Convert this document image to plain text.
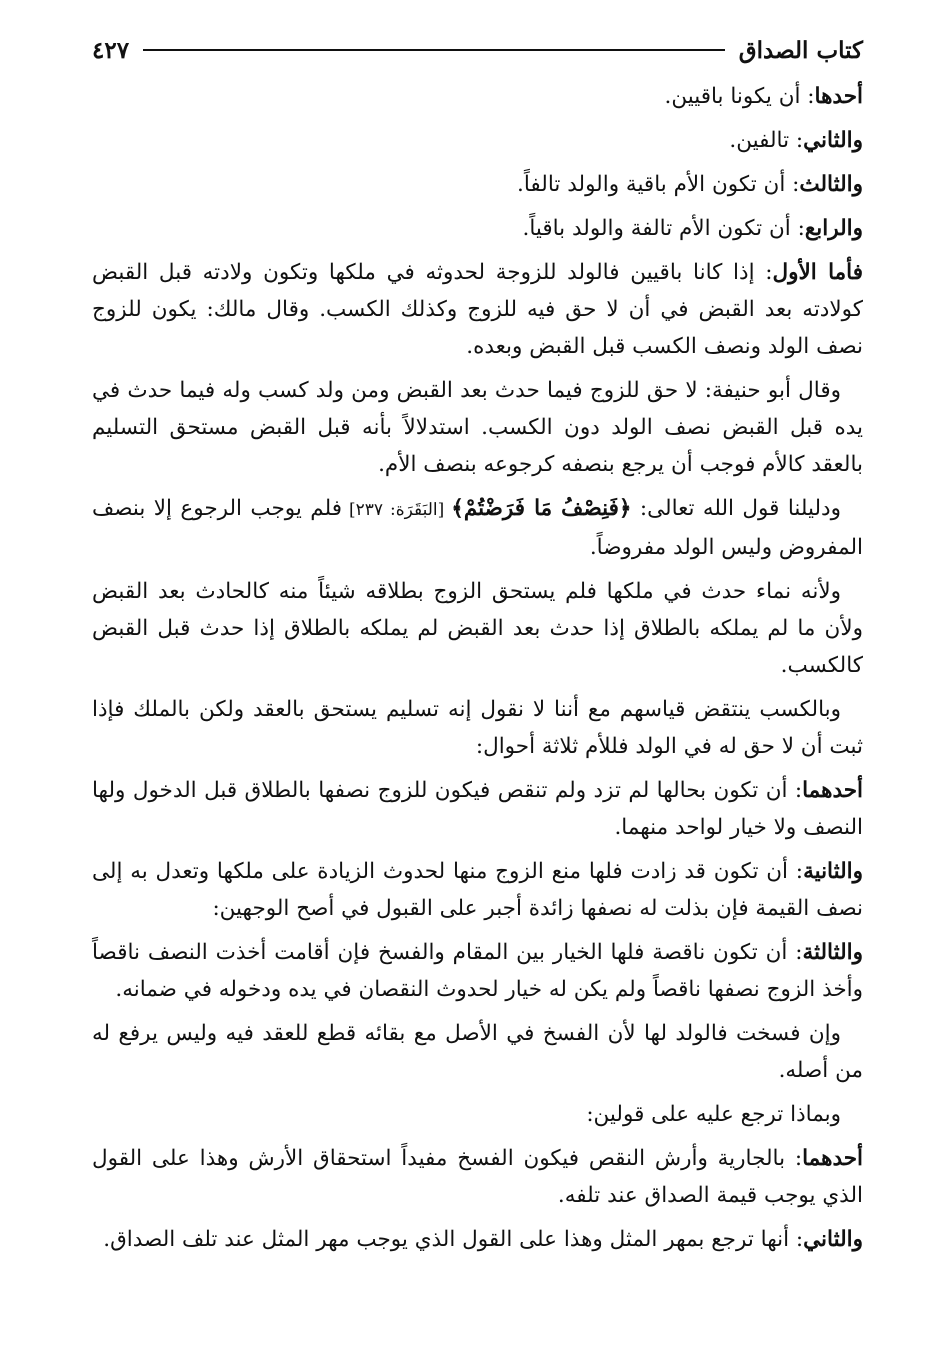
كتاب الصداق
٤٢٧

أحدها: أن يكونا باقيين.

والثاني: تالفين.

والثالث: أن تكون الأم باقية والولد تالفاً.

والرابع: أن تكون الأم تالفة والولد باقياً.

فأما الأول: إذا كانا باقيين فالولد للزوجة لحدوثه في ملكها وتكون ولادته قبل القبض كولادته بعد القبض في أن لا حق فيه للزوج وكذلك الكسب. وقال مالك: يكون للزوج نصف الولد ونصف الكسب قبل القبض وبعده.

وقال أبو حنيفة: لا حق للزوج فيما حدث بعد القبض ومن ولد كسب وله فيما حدث في يده قبل القبض نصف الولد دون الكسب. استدلالاً بأنه قبل القبض مستحق التسليم بالعقد كالأم فوجب أن يرجع بنصفه كرجوعه بنصف الأم.

ودليلنا قول الله تعالى: ﴿فَنِصْفُ مَا فَرَضْتُمْ﴾ [البَقَرَة: ٢٣٧] فلم يوجب الرجوع إلا بنصف المفروض وليس الولد مفروضاً.

ولأنه نماء حدث في ملكها فلم يستحق الزوج بطلاقه شيئاً منه كالحادث بعد القبض ولأن ما لم يملكه بالطلاق إذا حدث بعد القبض لم يملكه بالطلاق إذا حدث قبل القبض كالكسب.

وبالكسب ينتقض قياسهم مع أننا لا نقول إنه تسليم يستحق بالعقد ولكن بالملك فإذا ثبت أن لا حق له في الولد فللأم ثلاثة أحوال:

أحدهما: أن تكون بحالها لم تزد ولم تنقص فيكون للزوج نصفها بالطلاق قبل الدخول ولها النصف ولا خيار لواحد منهما.

والثانية: أن تكون قد زادت فلها منع الزوج منها لحدوث الزيادة على ملكها وتعدل به إلى نصف القيمة فإن بذلت له نصفها زائدة أجبر على القبول في أصح الوجهين:

والثالثة: أن تكون ناقصة فلها الخيار بين المقام والفسخ فإن أقامت أخذت النصف ناقصاً وأخذ الزوج نصفها ناقصاً ولم يكن له خيار لحدوث النقصان في يده ودخوله في ضمانه.

وإن فسخت فالولد لها لأن الفسخ في الأصل مع بقائه قطع للعقد فيه وليس يرفع له من أصله.

وبماذا ترجع عليه على قولين:

أحدهما: بالجارية وأرش النقص فيكون الفسخ مفيداً استحقاق الأرش وهذا على القول الذي يوجب قيمة الصداق عند تلفه.

والثاني: أنها ترجع بمهر المثل وهذا على القول الذي يوجب مهر المثل عند تلف الصداق.
